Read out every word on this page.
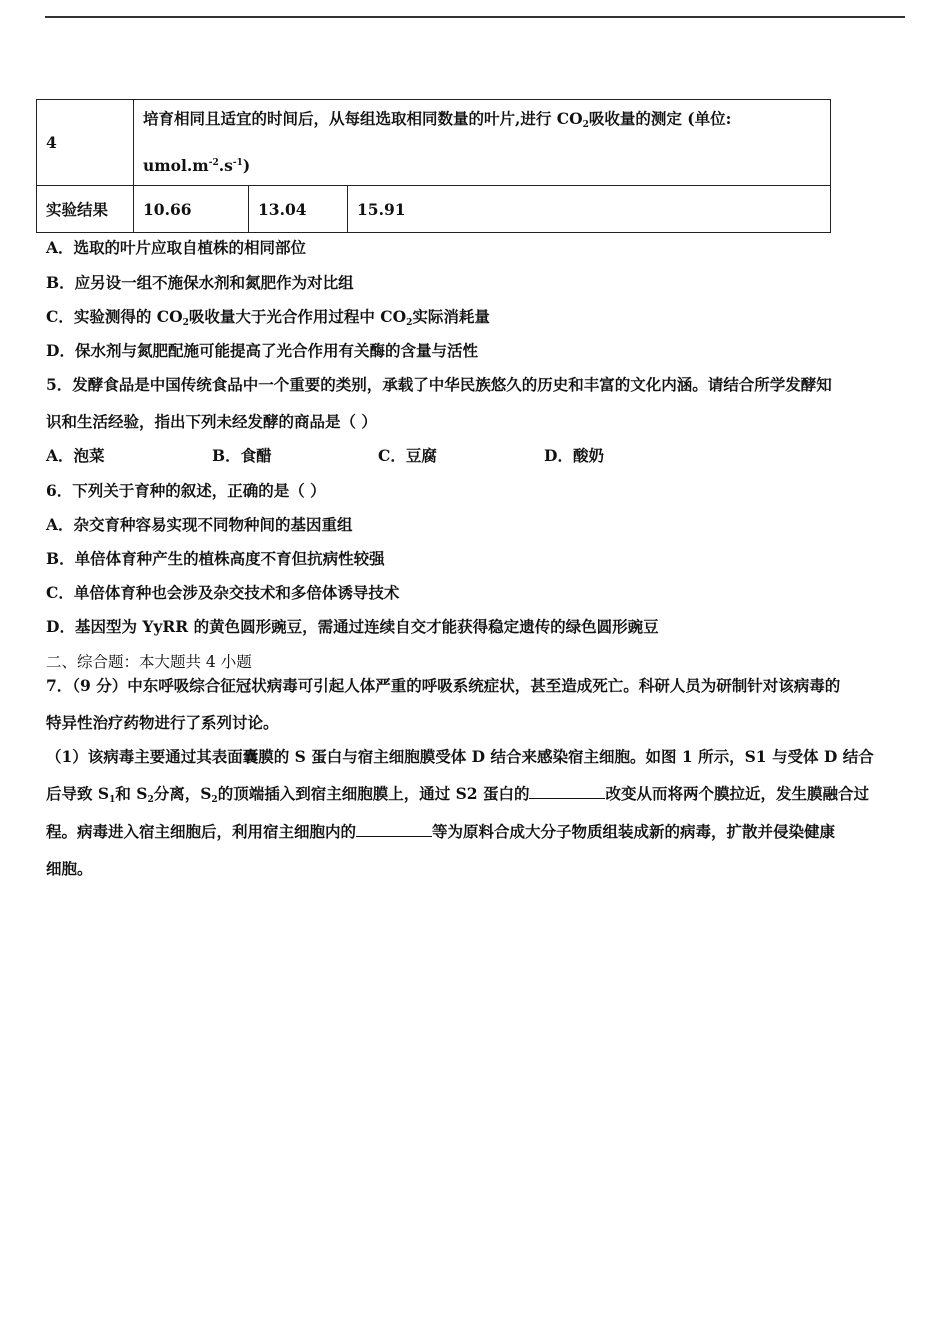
4	培育相同且适宜的时间后，从每组选取相同数量的叶片,进行 $CO_2$吸收量的测定 (单位:
$umol.m^{-2}.s^{-1}$)		

实验结果	10.66	13.04	15.91
A．选取的叶片应取自植株的相同部位
B．应另设一组不施保水剂和氮肥作为对比组
C．实验测得的 $CO_2$吸收量大于光合作用过程中 $CO_2$实际消耗量
D．保水剂与氮肥配施可能提高了光合作用有关酶的含量与活性
5．发酵食品是中国传统食品中一个重要的类别，承载了中华民族悠久的历史和丰富的文化内涵。请结合所学发酵知
识和生活经验，指出下列未经发酵的商品是（ ）
A．泡菜	B．食醋	C．豆腐	D．酸奶
6．下列关于育种的叙述，正确的是（ ）
A．杂交育种容易实现不同物种间的基因重组
B．单倍体育种产生的植株高度不育但抗病性较强
C．单倍体育种也会涉及杂交技术和多倍体诱导技术
D．基因型为 YyRR 的黄色圆形豌豆，需通过连续自交才能获得稳定遗传的绿色圆形豌豆
二、综合题：本大题共 4 小题
7．（9 分）中东呼吸综合征冠状病毒可引起人体严重的呼吸系统症状，甚至造成死亡。科研人员为研制针对该病毒的
特异性治疗药物进行了系列讨论。
（1）该病毒主要通过其表面囊膜的 S 蛋白与宿主细胞膜受体 D 结合来感染宿主细胞。如图 1 所示，S1 与受体 D 结合
后导致 $S_1$和 $S_2$分离，$S_2$的顶端插入到宿主细胞膜上，通过 S2 蛋白的	改变从而将两个膜拉近，发生膜融合过
程。病毒进入宿主细胞后，利用宿主细胞内的	等为原料合成大分子物质组装成新的病毒，扩散并侵染健康
细胞。
